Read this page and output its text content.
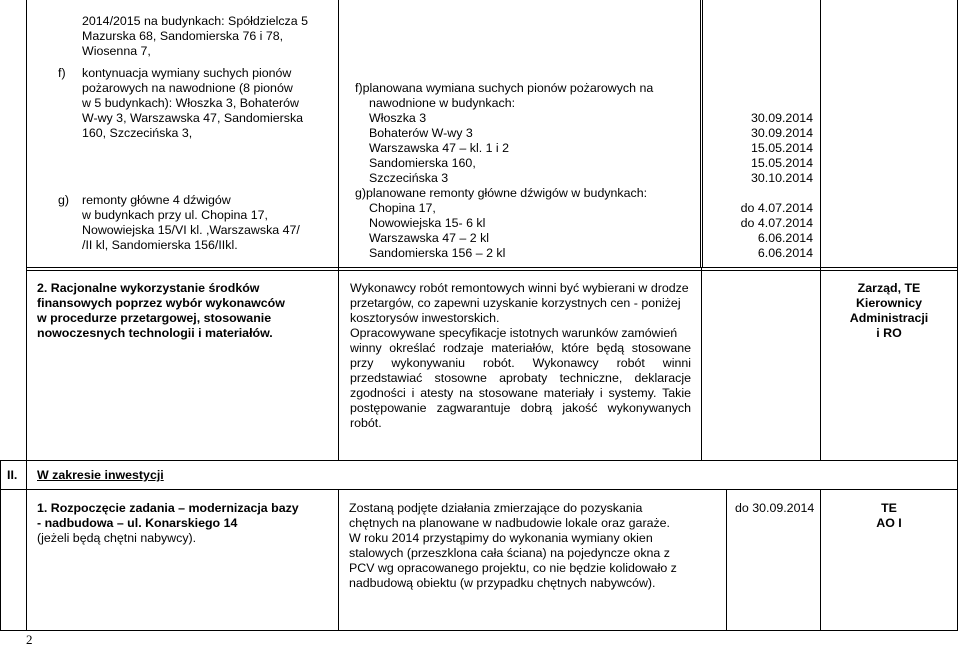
2014/2015 na budynkach: Spółdzielcza 5
Mazurska 68, Sandomierska 76 i 78,
Wiosenna 7,
f) kontynuacja wymiany suchych pionów
pożarowych na nawodnione (8 pionów
w 5 budynkach): Włoszka 3, Bohaterów
W-wy 3, Warszawska 47, Sandomierska
160, Szczecińska 3,
g) remonty główne 4 dźwigów
w budynkach przy ul. Chopina 17,
Nowowiejska 15/VI kl. ,Warszawska 47/
/II kl, Sandomierska 156/IIkl.
f)planowana wymiana suchych pionów pożarowych na
nawodnione w budynkach:
Włoszka 3
Bohaterów W-wy 3
Warszawska 47 – kl. 1 i 2
Sandomierska 160,
Szczecińska 3
g)planowane remonty główne dźwigów w budynkach:
Chopina 17,
Nowowiejska 15- 6 kl
Warszawska 47 – 2 kl
Sandomierska 156 – 2 kl
30.09.2014
30.09.2014
15.05.2014
15.05.2014
30.10.2014

do 4.07.2014
do 4.07.2014
6.06.2014
6.06.2014
2. Racjonalne wykorzystanie środków
finansowych poprzez wybór wykonawców
w procedurze przetargowej, stosowanie
nowoczesnych technologii i materiałów.
Wykonawcy robót remontowych winni być wybierani w drodze
przetargów, co zapewni uzyskanie korzystnych cen - poniżej
kosztorysów inwestorskich.
Opracowywane specyfikacje istotnych warunków zamówień
winny określać rodzaje materiałów, które będą stosowane
przy wykonywaniu robót. Wykonawcy robót winni
przedstawiać stosowne aprobaty techniczne, deklaracje
zgodności i atesty na stosowane materiały i systemy. Takie
postępowanie zagwarantuje dobrą jakość wykonywanych
robót.
Zarząd, TE
Kierownicy
Administracji
i RO
II. W zakresie inwestycji
1. Rozpoczęcie zadania – modernizacja bazy
- nadbudowa – ul. Konarskiego 14
(jeżeli będą chętni nabywcy).
Zostaną podjęte działania zmierzające do pozyskania
chętnych na planowane w nadbudowie lokale oraz garaże.
W roku 2014 przystąpimy do wykonania wymiany okien
stalowych (przeszklona cała ściana) na pojedyncze okna z
PCV wg opracowanego projektu, co nie będzie kolidowało z
nadbudową obiektu (w przypadku chętnych nabywców).
do 30.09.2014	TE
AO I
2
